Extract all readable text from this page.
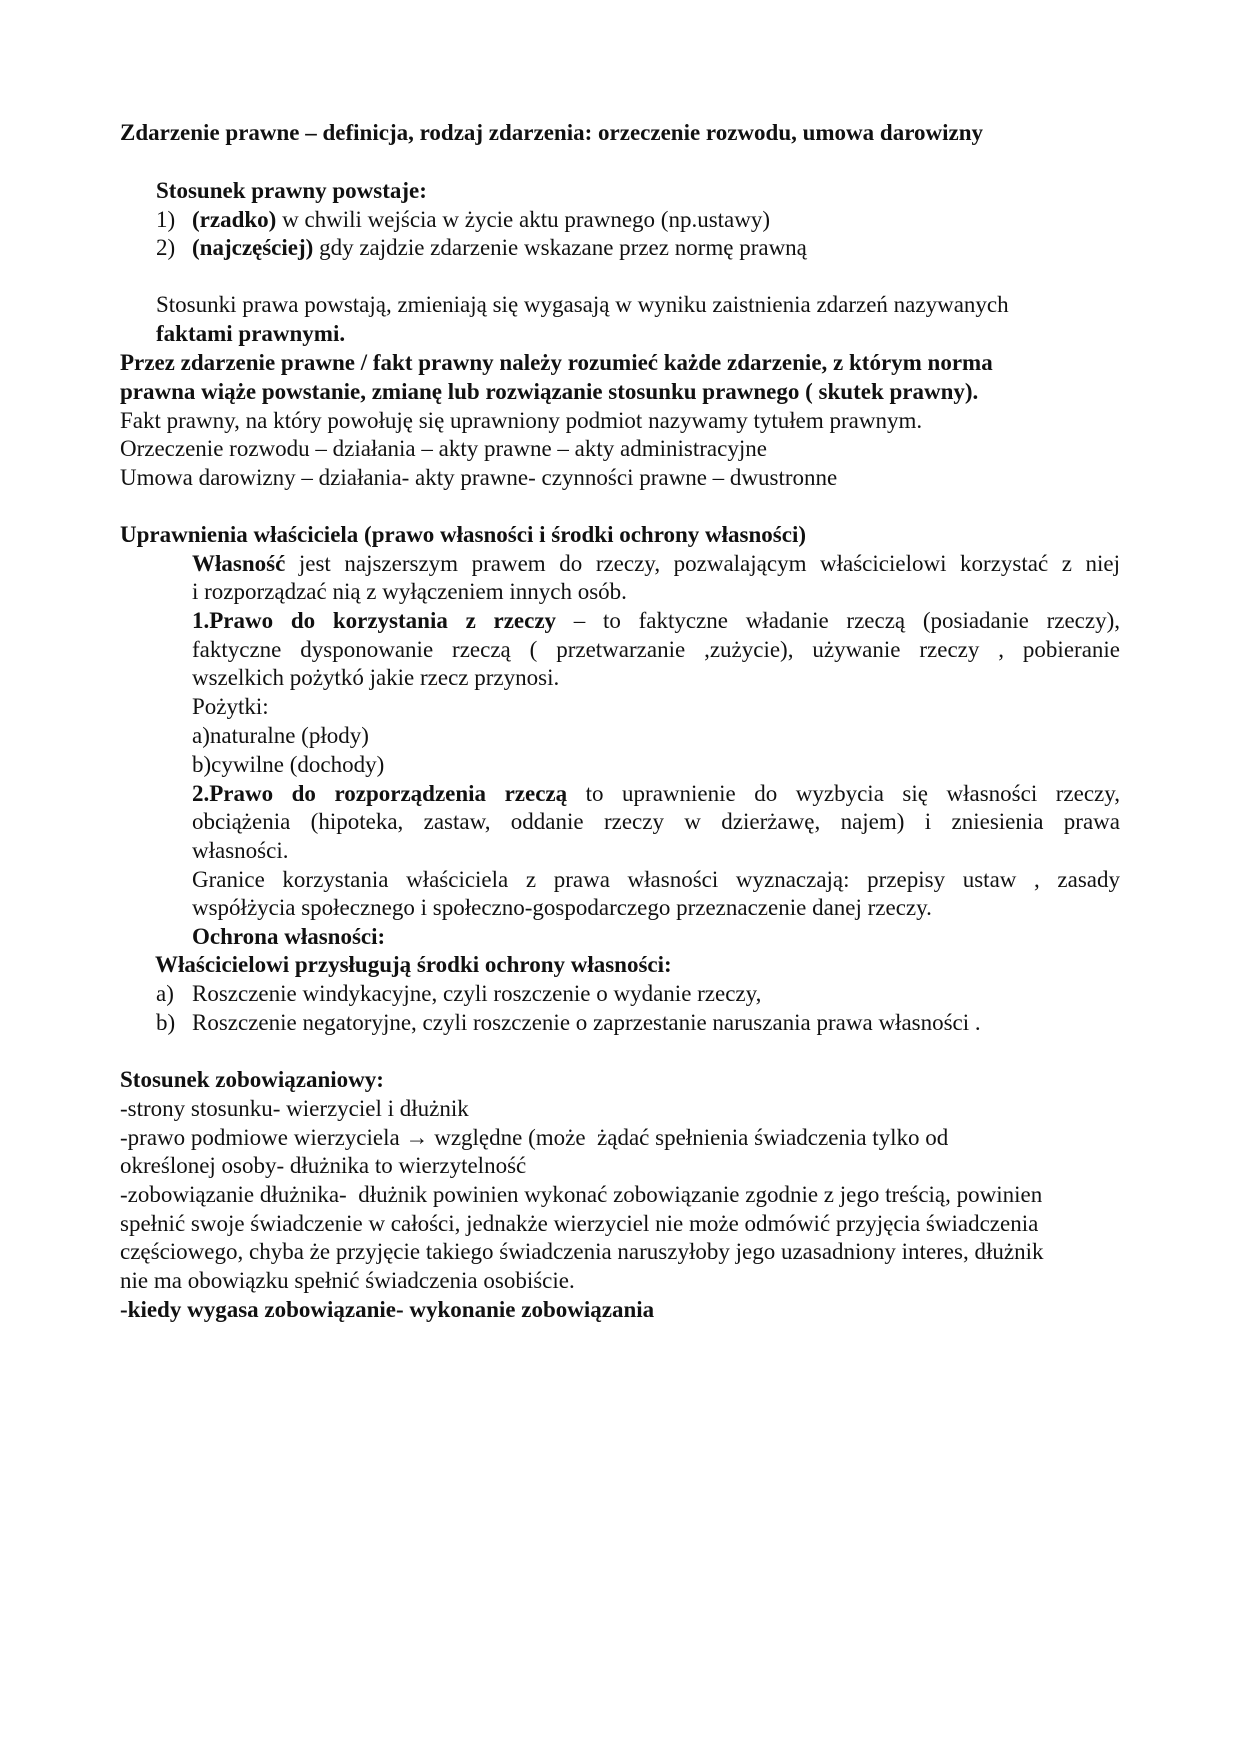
Zdarzenie prawne – definicja, rodzaj zdarzenia: orzeczenie rozwodu, umowa darowizny
Stosunek prawny powstaje:
1) (rzadko) w chwili wejścia w życie aktu prawnego (np.ustawy)
2) (najczęściej) gdy zajdzie zdarzenie wskazane przez normę prawną
Stosunki prawa powstają, zmieniają się wygasają w wyniku zaistnienia zdarzeń nazywanych
faktami prawnymi.
Przez zdarzenie prawne / fakt prawny należy rozumieć każde zdarzenie, z którym norma
prawna wiąże powstanie, zmianę lub rozwiązanie stosunku prawnego ( skutek prawny).
Fakt prawny, na który powołuję się uprawniony podmiot nazywamy tytułem prawnym.
Orzeczenie rozwodu – działania – akty prawne – akty administracyjne
Umowa darowizny – działania- akty prawne- czynności prawne – dwustronne
Uprawnienia właściciela (prawo własności i środki ochrony własności)
Własność jest najszerszym prawem do rzeczy, pozwalającym właścicielowi korzystać z niej
i rozporządzać nią z wyłączeniem innych osób.
1.Prawo do korzystania z rzeczy – to faktyczne władanie rzeczą (posiadanie rzeczy),
faktyczne dysponowanie rzeczą ( przetwarzanie ,zużycie), używanie rzeczy , pobieranie
wszelkich pożytkó jakie rzecz przynosi.
Pożytki:
a)naturalne (płody)
b)cywilne (dochody)
2.Prawo do rozporządzenia rzeczą to uprawnienie do wyzbycia się własności rzeczy,
obciążenia (hipoteka, zastaw, oddanie rzeczy w dzierżawę, najem) i zniesienia prawa
własności.
Granice korzystania właściciela z prawa własności wyznaczają: przepisy ustaw , zasady
współżycia społecznego i społeczno-gospodarczego przeznaczenie danej rzeczy.
Ochrona własności:
Właścicielowi przysługują środki ochrony własności:
a) Roszczenie windykacyjne, czyli roszczenie o wydanie rzeczy,
b) Roszczenie negatoryjne, czyli roszczenie o zaprzestanie naruszania prawa własności .
Stosunek zobowiązaniowy:
-strony stosunku- wierzyciel i dłużnik
-prawo podmiowe wierzyciela → względne (może  żądać spełnienia świadczenia tylko od
określonej osoby- dłużnika to wierzytelność
-zobowiązanie dłużnika-  dłużnik powinien wykonać zobowiązanie zgodnie z jego treścią, powinien
spełnić swoje świadczenie w całości, jednakże wierzyciel nie może odmówić przyjęcia świadczenia
częściowego, chyba że przyjęcie takiego świadczenia naruszyłoby jego uzasadniony interes, dłużnik
nie ma obowiązku spełnić świadczenia osobiście.
-kiedy wygasa zobowiązanie- wykonanie zobowiązania
